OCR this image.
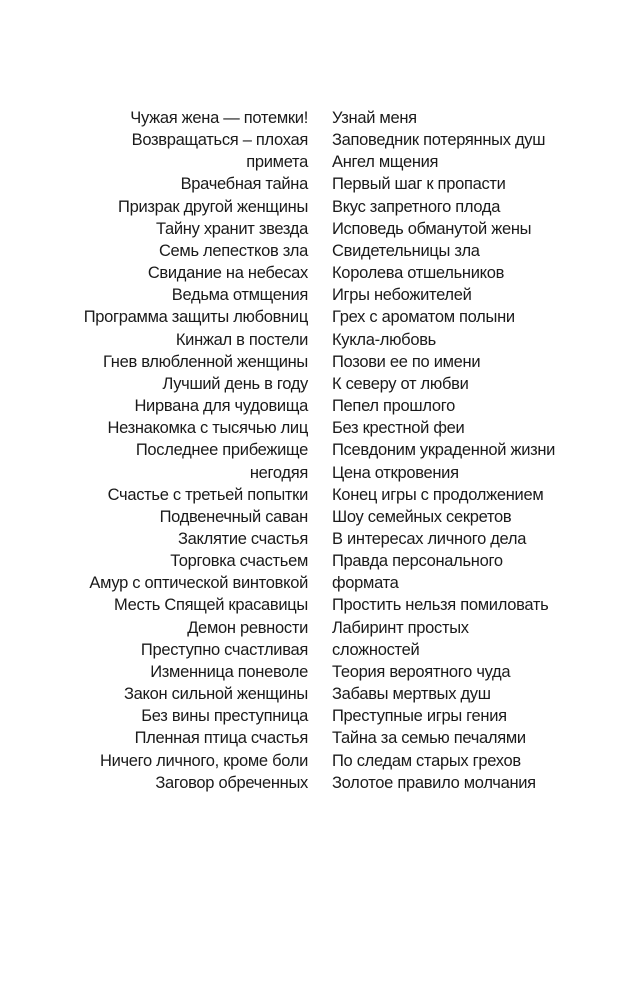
Чужая жена — потемки!
Возвращаться – плохая
примета
Врачебная тайна
Призрак другой женщины
Тайну хранит звезда
Семь лепестков зла
Свидание на небесах
Ведьма отмщения
Программа защиты любовниц
Кинжал в постели
Гнев влюбленной женщины
Лучший день в году
Нирвана для чудовища
Незнакомка с тысячью лиц
Последнее прибежище
негодяя
Счастье с третьей попытки
Подвенечный саван
Заклятие счастья
Торговка счастьем
Амур с оптической винтовкой
Месть Спящей красавицы
Демон ревности
Преступно счастливая
Изменница поневоле
Закон сильной женщины
Без вины преступница
Пленная птица счастья
Ничего личного, кроме боли
Заговор обреченных
Узнай меня
Заповедник потерянных душ
Ангел мщения
Первый шаг к пропасти
Вкус запретного плода
Исповедь обманутой жены
Свидетельницы зла
Королева отшельников
Игры небожителей
Грех с ароматом полыни
Кукла-любовь
Позови ее по имени
К северу от любви
Пепел прошлого
Без крестной феи
Псевдоним украденной жизни
Цена откровения
Конец игры с продолжением
Шоу семейных секретов
В интересах личного дела
Правда персонального
формата
Простить нельзя помиловать
Лабиринт простых
сложностей
Теория вероятного чуда
Забавы мертвых душ
Преступные игры гения
Тайна за семью печалями
По следам старых грехов
Золотое правило молчания
